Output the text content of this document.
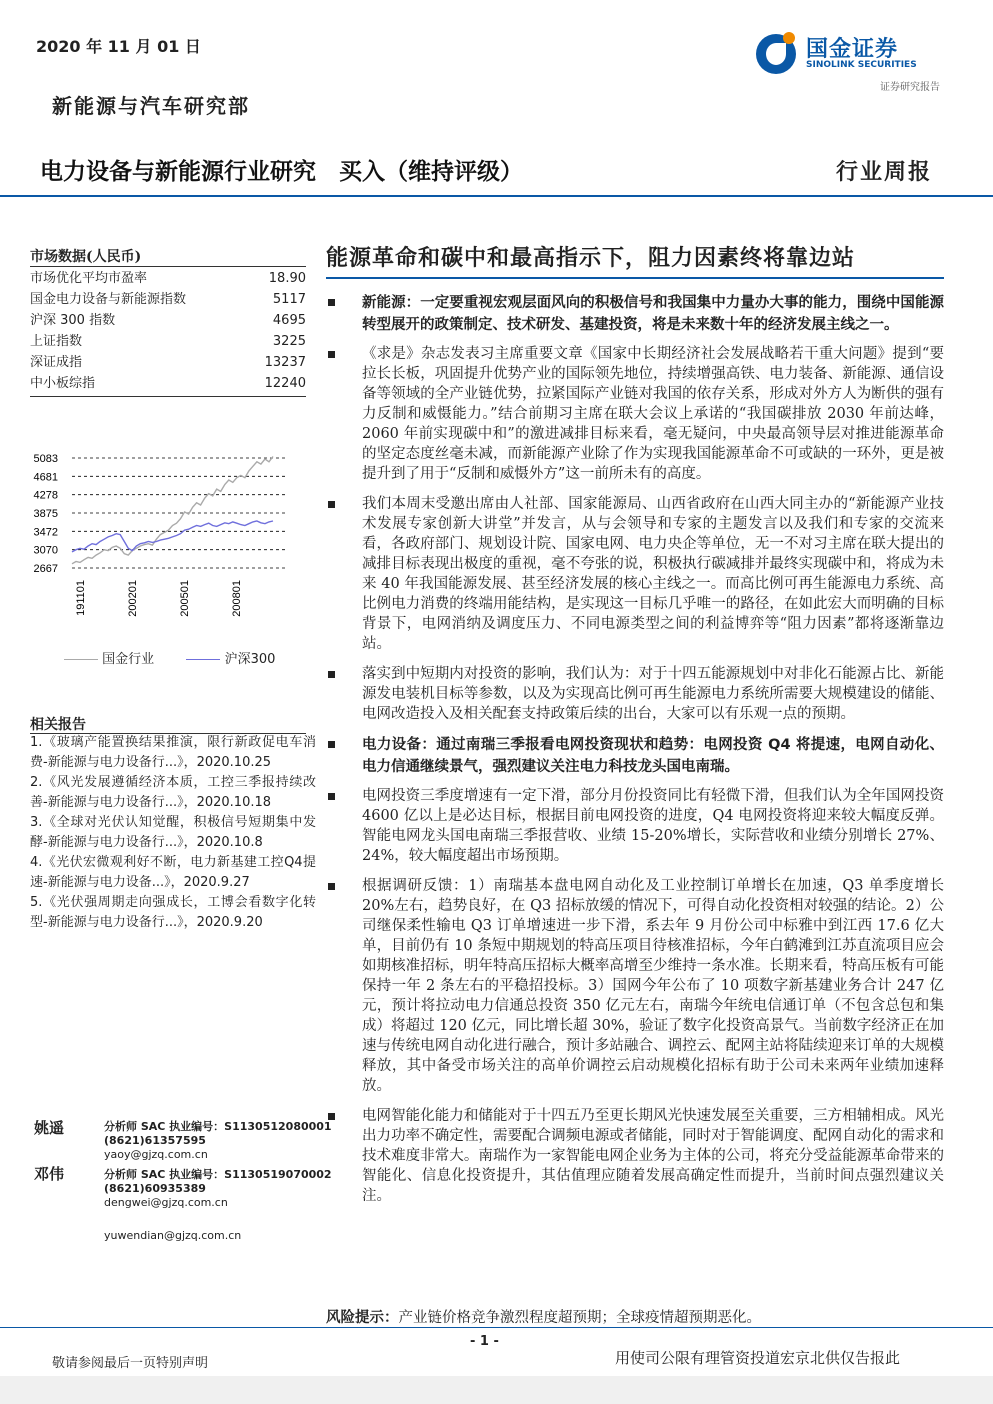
2020 年 11 月 01 日	国金证券
SINOLINK SECURITIES
证券研究报告
新能源与汽车研究部
电力设备与新能源行业研究　买入（维持评级）	行业周报
市场数据(人民币)
市场优化平均市盈率	18.90
国金电力设备与新能源指数	5117
沪深 300 指数	4695
上证指数	3225
深证成指	13237
中小板综指	12240
5083
4681
4278
3875
3472
3070
2667
191101	200201	200501	200801
国金行业	沪深300
相关报告
1.《玻璃产能置换结果推演，限行新政促电车消费-新能源与电力设备行...》，2020.10.25
2.《风光发展遵循经济本质，工控三季报持续改善-新能源与电力设备行...》，2020.10.18
3.《全球对光伏认知觉醒，积极信号短期集中发酵-新能源与电力设备行...》，2020.10.8
4.《光伏宏微观利好不断，电力新基建工控Q4提速-新能源与电力设备...》，2020.9.27
5.《光伏强周期走向强成长，工博会看数字化转型-新能源与电力设备行...》，2020.9.20
姚遥	分析师 SAC 执业编号：S1130512080001
(8621)61357595
yaoy@gjzq.com.cn
邓伟	分析师 SAC 执业编号：S1130519070002
(8621)60935389
dengwei@gjzq.com.cn
yuwendian@gjzq.com.cn
能源革命和碳中和最高指示下，阻力因素终将靠边站
新能源：一定要重视宏观层面风向的积极信号和我国集中力量办大事的能力，围绕中国能源转型展开的政策制定、技术研发、基建投资，将是未来数十年的经济发展主线之一。
《求是》杂志发表习主席重要文章《国家中长期经济社会发展战略若干重大问题》提到“要拉长长板，巩固提升优势产业的国际领先地位，持续增强高铁、电力装备、新能源、通信设备等领域的全产业链优势，拉紧国际产业链对我国的依存关系，形成对外方人为断供的强有力反制和威慑能力。”结合前期习主席在联大会议上承诺的“我国碳排放 2030 年前达峰，2060 年前实现碳中和”的激进减排目标来看，毫无疑问，中央最高领导层对推进能源革命的坚定态度丝毫未减，而新能源产业除了作为实现我国能源革命不可或缺的一环外，更是被提升到了用于“反制和威慑外方”这一前所未有的高度。
我们本周末受邀出席由人社部、国家能源局、山西省政府在山西大同主办的“新能源产业技术发展专家创新大讲堂”并发言，从与会领导和专家的主题发言以及我们和专家的交流来看，各政府部门、规划设计院、国家电网、电力央企等单位，无一不对习主席在联大提出的减排目标表现出极度的重视，毫不夸张的说，积极执行碳减排并最终实现碳中和，将成为未来 40 年我国能源发展、甚至经济发展的核心主线之一。而高比例可再生能源电力系统、高比例电力消费的终端用能结构，是实现这一目标几乎唯一的路径，在如此宏大而明确的目标背景下，电网消纳及调度压力、不同电源类型之间的利益博弈等“阻力因素”都将逐渐靠边站。
落实到中短期内对投资的影响，我们认为：对于十四五能源规划中对非化石能源占比、新能源发电装机目标等参数，以及为实现高比例可再生能源电力系统所需要大规模建设的储能、电网改造投入及相关配套支持政策后续的出台，大家可以有乐观一点的预期。
电力设备：通过南瑞三季报看电网投资现状和趋势：电网投资 Q4 将提速，电网自动化、电力信通继续景气，强烈建议关注电力科技龙头国电南瑞。
电网投资三季度增速有一定下滑，部分月份投资同比有轻微下滑，但我们认为全年国网投资 4600 亿以上是必达目标，根据目前电网投资的进度，Q4 电网投资将迎来较大幅度反弹。智能电网龙头国电南瑞三季报营收、业绩 15-20%增长，实际营收和业绩分别增长 27%、24%，较大幅度超出市场预期。
根据调研反馈：1）南瑞基本盘电网自动化及工业控制订单增长在加速，Q3 单季度增长 20%左右，趋势良好，在 Q3 招标放缓的情况下，可得自动化投资相对较强的结论。2）公司继保柔性输电 Q3 订单增速进一步下滑，系去年 9 月份公司中标雅中到江西 17.6 亿大单，目前仍有 10 条短中期规划的特高压项目待核准招标，今年白鹤滩到江苏直流项目应会如期核准招标，明年特高压招标大概率高增至少维持一条水准。长期来看，特高压板有可能保持一年 2 条左右的平稳招投标。3）国网今年公布了 10 项数字新基建业务合计 247 亿元，预计将拉动电力信通总投资 350 亿元左右，南瑞今年统电信通订单（不包含总包和集成）将超过 120 亿元，同比增长超 30%，验证了数字化投资高景气。当前数字经济正在加速与传统电网自动化进行融合，预计多站融合、调控云、配网主站将陆续迎来订单的大规模释放，其中备受市场关注的高单价调控云启动规模化招标有助于公司未来两年业绩加速释放。
电网智能化能力和储能对于十四五乃至更长期风光快速发展至关重要，三方相辅相成。风光出力功率不确定性，需要配合调频电源或者储能，同时对于智能调度、配网自动化的需求和技术难度非常大。南瑞作为一家智能电网企业务为主体的公司，将充分受益能源革命带来的智能化、信息化投资提升，其估值理应随着发展高确定性而提升，当前时间点强烈建议关注。
风险提示：产业链价格竞争激烈程度超预期；全球疫情超预期恶化。
- 1 -
敬请参阅最后一页特别声明	用使司公限有理管资投道宏京北供仅告报此
